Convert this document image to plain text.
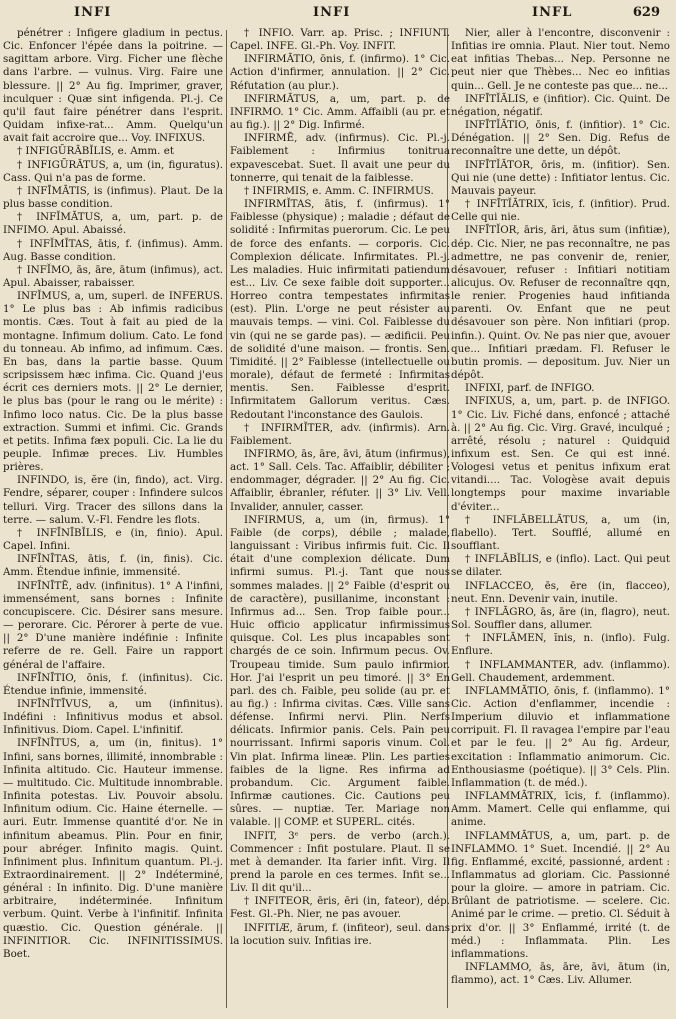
INFI	INFI	INFL	629

pénétrer : Infigere gladium in pectus. Cic. Enfoncer l'épée dans la poitrine. — sagittam arbore. Virg. Ficher une flèche dans l'arbre. — vulnus. Virg. Faire une blessure. || 2° Au fig. Imprimer, graver, inculquer : Quæ sint infigenda. Pl.-j. Ce qu'il faut faire pénétrer dans l'esprit. Quidam infixe-rat... Amm. Quelqu'un avait fait accroire que... Voy. INFIXUS.

† INFIGŪRĀBĬLIS, e. Amm. et

† INFIGŪRĀTUS, a, um (in, figuratus). Cass. Qui n'a pas de forme.

† INFĪMĀTIS, is (infimus). Plaut. De la plus basse condition.

† INFĬMĀTUS, a, um, part. p. de INFIMO. Apul. Abaissé.

† INFĬMĬTAS, ātis, f. (infimus). Amm. Aug. Basse condition.

† INFĬMO, ās, āre, ātum (infimus), act. Apul. Abaisser, rabaisser.

INFĬMUS, a, um, superl. de INFERUS. 1° Le plus bas : Ab infimis radicibus montis. Cæs. Tout à fait au pied de la montagne. Infimum dolium. Cato. Le fond du tonneau. Ab infimo, ad infimum. Cæs. En bas, dans la partie basse. Quum scripsissem hæc infima. Cic. Quand j'eus écrit ces derniers mots. || 2° Le dernier, le plus bas (pour le rang ou le mérite) : Infimo loco natus. Cic. De la plus basse extraction. Summi et infimi. Cic. Grands et petits. Infima fæx populi. Cic. La lie du peuple. Infimæ preces. Liv. Humbles prières.

INFINDO, is, ĕre (in, findo), act. Virg. Fendre, séparer, couper : Infindere sulcos telluri. Virg. Tracer des sillons dans la terre. — salum. V.-Fl. Fendre les flots.

† INFĪNĪBĬLIS, e (in, finio). Apul. Capel. Infini.

INFĪNĪTAS, ātis, f. (in, finis). Cic. Amm. Étendue infinie, immensité.

INFĪNĪTĒ, adv. (infinitus). 1° A l'infini, immensément, sans bornes : Infinite concupiscere. Cic. Désirer sans mesure. — perorare. Cic. Pérorer à perte de vue. || 2° D'une manière indéfinie : Infinite referre de re. Gell. Faire un rapport général de l'affaire.

INFĪNĪTIO, ōnis, f. (infinitus). Cic. Étendue infinie, immensité.

INFĪNĪTĪVUS, a, um (infinitus). Indéfini : Infinitivus modus et absol. Infinitivus. Diom. Capel. L'infinitif.

INFĪNĪTUS, a, um (in, finitus). 1° Infini, sans bornes, illimité, innombrable : Infinita altitudo. Cic. Hauteur immense. — multitudo. Cic. Multitude innombrable. Infinita potestas. Liv. Pouvoir absolu. Infinitum odium. Cic. Haine éternelle. — auri. Eutr. Immense quantité d'or. Ne in infinitum abeamus. Plin. Pour en finir, pour abréger. Infinito magis. Quint. Infiniment plus. Infinitum quantum. Pl.-j. Extraordinairement. || 2° Indéterminé, général : In infinito. Dig. D'une manière arbitraire, indéterminée. Infinitum verbum. Quint. Verbe à l'infinitif. Infinita quæstio. Cic. Question générale. || INFINITIOR. Cic. INFINITISSIMUS. Boet.

† INFIO. Varr. ap. Prisc. ; INFIUNT. Capel. INFE. Gl.-Ph. Voy. INFIT.

INFIRMĀTIO, ōnis, f. (infirmo). 1° Cic. Action d'infirmer, annulation. || 2° Cic. Réfutation (au plur.).

INFIRMĀTUS, a, um, part. p. de INFIRMO. 1° Cic. Amm. Affaibli (au pr. et au fig.). || 2° Dig. Infirmé.

INFIRMĒ, adv. (infirmus). Cic. Pl.-j. Faiblement : Infirmius tonitrua expavescebat. Suet. Il avait une peur du tonnerre, qui tenait de la faiblesse.

† INFIRMIS, e. Amm. C. INFIRMUS.

INFIRMĬTAS, ātis, f. (infirmus). 1° Faiblesse (physique) ; maladie ; défaut de solidité : Infirmitas puerorum. Cic. Le peu de force des enfants. — corporis. Cic. Complexion délicate. Infirmitates. Pl.-j. Les maladies. Huic infirmitati patiendum est... Liv. Ce sexe faible doit supporter... Horreo contra tempestates infirmitas (est). Plin. L'orge ne peut résister au mauvais temps. — vini. Col. Faiblesse du vin (qui ne se garde pas). — ædificii. Peu de solidité d'une maison. — frontis. Sen. Timidité. || 2° Faiblesse (intellectuelle ou morale), défaut de fermeté : Infirmitas mentis. Sen. Faiblesse d'esprit. Infirmitatem Gallorum veritus. Cæs. Redoutant l'inconstance des Gaulois.

† INFIRMĬTER, adv. (infirmis). Arn. Faiblement.

INFIRMO, ās, āre, āvi, ātum (infirmus), act. 1° Sall. Cels. Tac. Affaiblir, débiliter ; endommager, dégrader. || 2° Au fig. Cic. Affaiblir, ébranler, réfuter. || 3° Liv. Vell. Invalider, annuler, casser.

INFIRMUS, a, um (in, firmus). 1° Faible (de corps), débile ; malade, languissant : Viribus infirmis fuit. Cic. Il était d'une complexion délicate. Dum infirmi sumus. Pl.-j. Tant que nous sommes malades. || 2° Faible (d'esprit ou de caractère), pusillanime, inconstant : Infirmus ad... Sen. Trop faible pour... Huic officio applicatur infirmissimus quisque. Col. Les plus incapables sont chargés de ce soin. Infirmum pecus. Ov. Troupeau timide. Sum paulo infirmior. Hor. J'ai l'esprit un peu timoré. || 3° En parl. des ch. Faible, peu solide (au pr. et au fig.) : Infirma civitas. Cæs. Ville sans défense. Infirmi nervi. Plin. Nerfs délicats. Infirmior panis. Cels. Pain peu nourrissant. Infirmi saporis vinum. Col. Vin plat. Infirma lineæ. Plin. Les parties faibles de la ligne. Res infirma ad probandum. Cic. Argument faible. Infirmæ cautiones. Cic. Cautions peu sûres. — nuptiæ. Ter. Mariage non valable. || COMP. et SUPERL. cités.

INFIT, 3ᵉ pers. de verbo (arch.). Commencer : Infit postulare. Plaut. Il se met à demander. Ita farier infit. Virg. Il prend la parole en ces termes. Infit se... Liv. Il dit qu'il...

† INFITEOR, ēris, ēri (in, fateor), dép. Fest. Gl.-Ph. Nier, ne pas avouer.

INFITIÆ, ārum, f. (infiteor), seul. dans la locution suiv. Infitias ire.

Nier, aller à l'encontre, disconvenir : Infitias ire omnia. Plaut. Nier tout. Nemo eat infitias Thebas... Nep. Personne ne peut nier que Thèbes... Nec eo infitias quin... Gell. Je ne conteste pas que... ne...

INFĪTĬĀLIS, e (infitior). Cic. Quint. De négation, négatif.

INFĪTĬĀTIO, ōnis, f. (infitior). 1° Cic. Dénégation. || 2° Sen. Dig. Refus de reconnaître une dette, un dépôt.

INFĪTĬĀTOR, ōris, m. (infitior). Sen. Qui nie (une dette) : Infitiator lentus. Cic. Mauvais payeur.

† INFĪTĬĀTRIX, īcis, f. (infitior). Prud. Celle qui nie.

INFĪTĬOR, āris, āri, ātus sum (infitiæ), dép. Cic. Nier, ne pas reconnaître, ne pas admettre, ne pas convenir de, renier, désavouer, refuser : Infitiari notitiam alicujus. Ov. Refuser de reconnaître qqn, le renier. Progenies haud infitianda parenti. Ov. Enfant que ne peut désavouer son père. Non infitiari (prop. infin.). Quint. Ov. Ne pas nier que, avouer que... Infitiari prædam. Fl. Refuser le butin promis. — depositum. Juv. Nier un dépôt.

INFIXI, parf. de INFIGO.

INFIXUS, a, um, part. p. de INFIGO. 1° Cic. Liv. Fiché dans, enfoncé ; attaché à. || 2° Au fig. Cic. Virg. Gravé, inculqué ; arrêté, résolu ; naturel : Quidquid infixum est. Sen. Ce qui est inné. Vologesi vetus et penitus infixum erat vitandi.... Tac. Vologèse avait depuis longtemps pour maxime invariable d'éviter...

† INFLĀBELLĀTUS, a, um (in, flabello). Tert. Soufflé, allumé en soufflant.

† INFLĀBĬLIS, e (inflo). Lact. Qui peut se dilater.

INFLACCEO, ēs, ēre (in, flacceo), neut. Enn. Devenir vain, inutile.

† INFLĀGRO, ās, āre (in, flagro), neut. Sol. Souffler dans, allumer.

† INFLĀMEN, ĭnis, n. (inflo). Fulg. Enflure.

† INFLAMMANTER, adv. (inflammo). Gell. Chaudement, ardemment.

INFLAMMĀTIO, ōnis, f. (inflammo). 1° Cic. Action d'enflammer, incendie : Imperium diluvio et inflammatione corripuit. Fl. Il ravagea l'empire par l'eau et par le feu. || 2° Au fig. Ardeur, excitation : Inflammatio animorum. Cic. Enthousiasme (poétique). || 3° Cels. Plin. Inflammation (t. de méd.).

INFLAMMĀTRIX, īcis, f. (inflammo). Amm. Mamert. Celle qui enflamme, qui anime.

INFLAMMĀTUS, a, um, part. p. de INFLAMMO. 1° Suet. Incendié. || 2° Au fig. Enflammé, excité, passionné, ardent : Inflammatus ad gloriam. Cic. Passionné pour la gloire. — amore in patriam. Cic. Brûlant de patriotisme. — scelere. Cic. Animé par le crime. — pretio. Cl. Séduit à prix d'or. || 3° Enflammé, irrité (t. de méd.) : Inflammata. Plin. Les inflammations.

INFLAMMO, ās, āre, āvi, ātum (in, flammo), act. 1° Cæs. Liv. Allumer.
